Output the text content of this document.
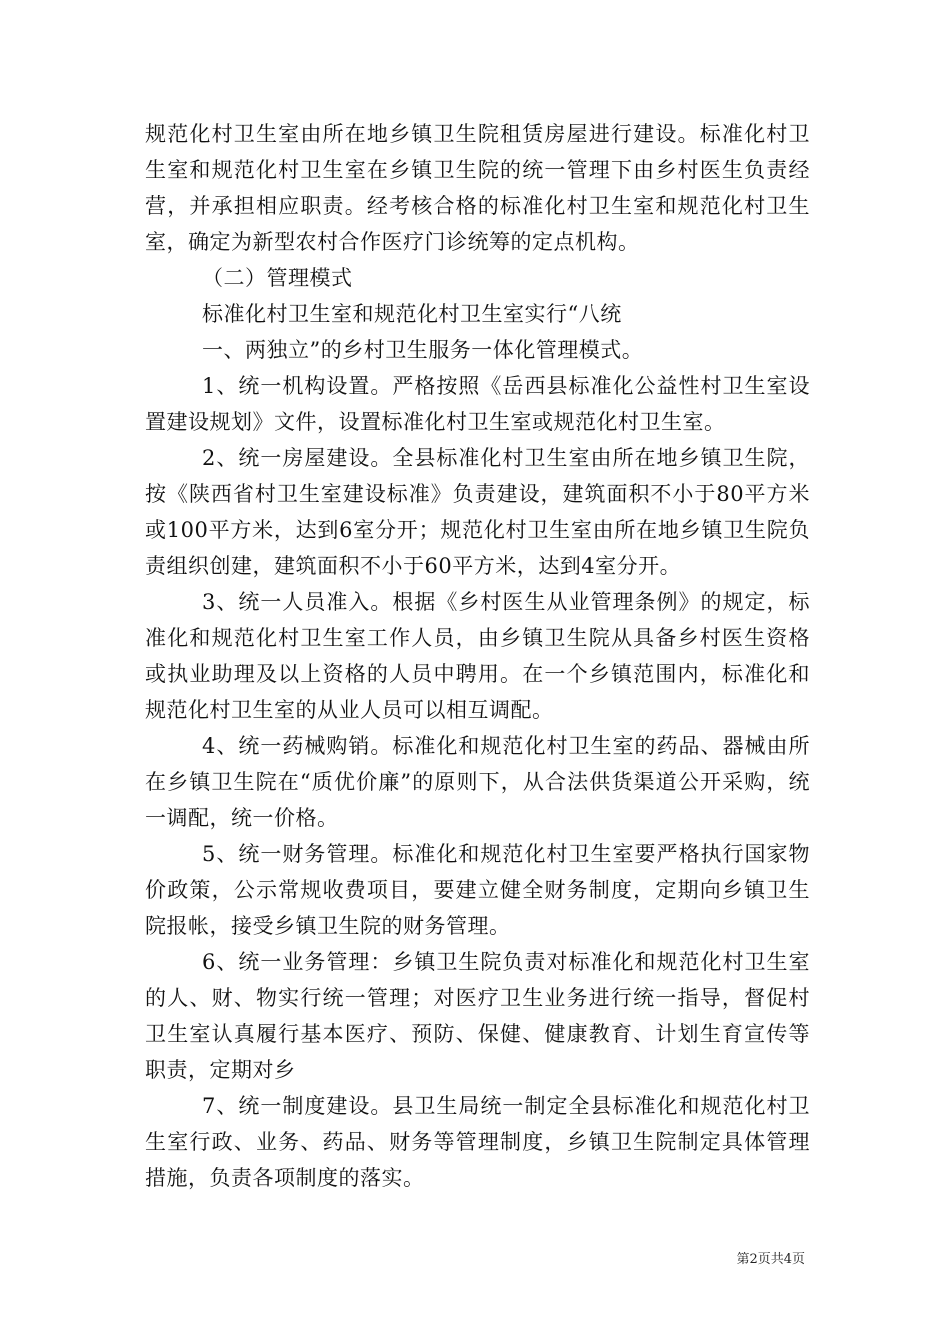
规范化村卫生室由所在地乡镇卫生院租赁房屋进行建设。标准化村卫生室和规范化村卫生室在乡镇卫生院的统一管理下由乡村医生负责经营，并承担相应职责。经考核合格的标准化村卫生室和规范化村卫生室，确定为新型农村合作医疗门诊统筹的定点机构。

（二）管理模式

标准化村卫生室和规范化村卫生室实行“八统

一、两独立”的乡村卫生服务一体化管理模式。

1、统一机构设置。严格按照《岳西县标准化公益性村卫生室设置建设规划》文件，设置标准化村卫生室或规范化村卫生室。

2、统一房屋建设。全县标准化村卫生室由所在地乡镇卫生院，按《陕西省村卫生室建设标准》负责建设，建筑面积不小于80平方米或100平方米，达到6室分开；规范化村卫生室由所在地乡镇卫生院负责组织创建，建筑面积不小于60平方米，达到4室分开。

3、统一人员准入。根据《乡村医生从业管理条例》的规定，标准化和规范化村卫生室工作人员，由乡镇卫生院从具备乡村医生资格或执业助理及以上资格的人员中聘用。在一个乡镇范围内，标准化和规范化村卫生室的从业人员可以相互调配。

4、统一药械购销。标准化和规范化村卫生室的药品、器械由所在乡镇卫生院在“质优价廉”的原则下，从合法供货渠道公开采购，统一调配，统一价格。

5、统一财务管理。标准化和规范化村卫生室要严格执行国家物价政策，公示常规收费项目，要建立健全财务制度，定期向乡镇卫生院报帐，接受乡镇卫生院的财务管理。

6、统一业务管理：乡镇卫生院负责对标准化和规范化村卫生室的人、财、物实行统一管理；对医疗卫生业务进行统一指导，督促村卫生室认真履行基本医疗、预防、保健、健康教育、计划生育宣传等职责，定期对乡

7、统一制度建设。县卫生局统一制定全县标准化和规范化村卫生室行政、业务、药品、财务等管理制度，乡镇卫生院制定具体管理措施，负责各项制度的落实。

第2页共4页
